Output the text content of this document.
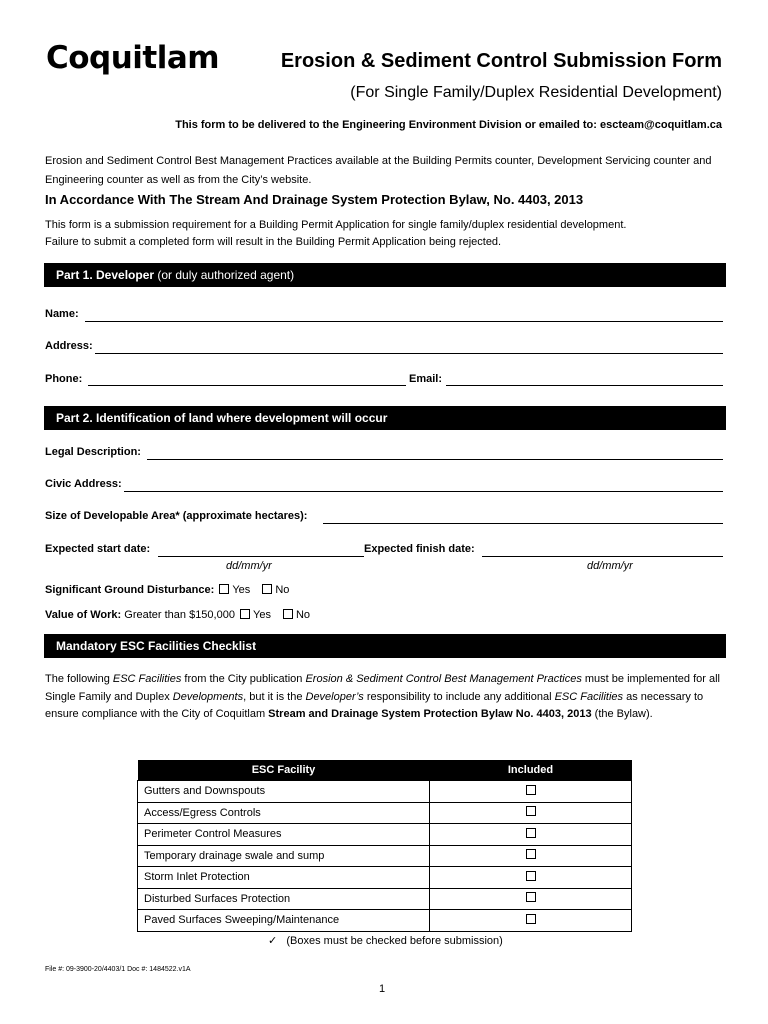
Coquitlam	Erosion & Sediment Control Submission Form
(For Single Family/Duplex Residential Development)
This form to be delivered to the Engineering Environment Division or emailed to: escteam@coquitlam.ca
Erosion and Sediment Control Best Management Practices available at the Building Permits counter, Development Servicing counter and
Engineering counter as well as from the City’s website.
In Accordance With The Stream And Drainage System Protection Bylaw, No. 4403, 2013
This form is a submission requirement for a Building Permit Application for single family/duplex residential development.
Failure to submit a completed form will result in the Building Permit Application being rejected.
Part 1. Developer (or duly authorized agent)
Name:
Address:
Phone:	Email:
Part 2. Identification of land where development will occur
Legal Description:
Civic Address:
Size of Developable Area* (approximate hectares):
Expected start date:	Expected finish date:
dd/mm/yr	dd/mm/yr
Significant Ground Disturbance: Yes No
Value of Work: Greater than $150,000 Yes No
Mandatory ESC Facilities Checklist
The following ESC Facilities from the City publication Erosion & Sediment Control Best Management Practices must be implemented for all Single Family and Duplex Developments, but it is the Developer’s responsibility to include any additional ESC Facilities as necessary to ensure compliance with the City of Coquitlam Stream and Drainage System Protection Bylaw No. 4403, 2013 (the Bylaw).
ESC Facility	Included
Gutters and Downspouts	
Access/Egress Controls	
Perimeter Control Measures	
Temporary drainage swale and sump	
Storm Inlet Protection	
Disturbed Surfaces Protection	
Paved Surfaces Sweeping/Maintenance	
✓ (Boxes must be checked before submission)
File #: 09-3900-20/4403/1 Doc #: 1484522.v1A
1
